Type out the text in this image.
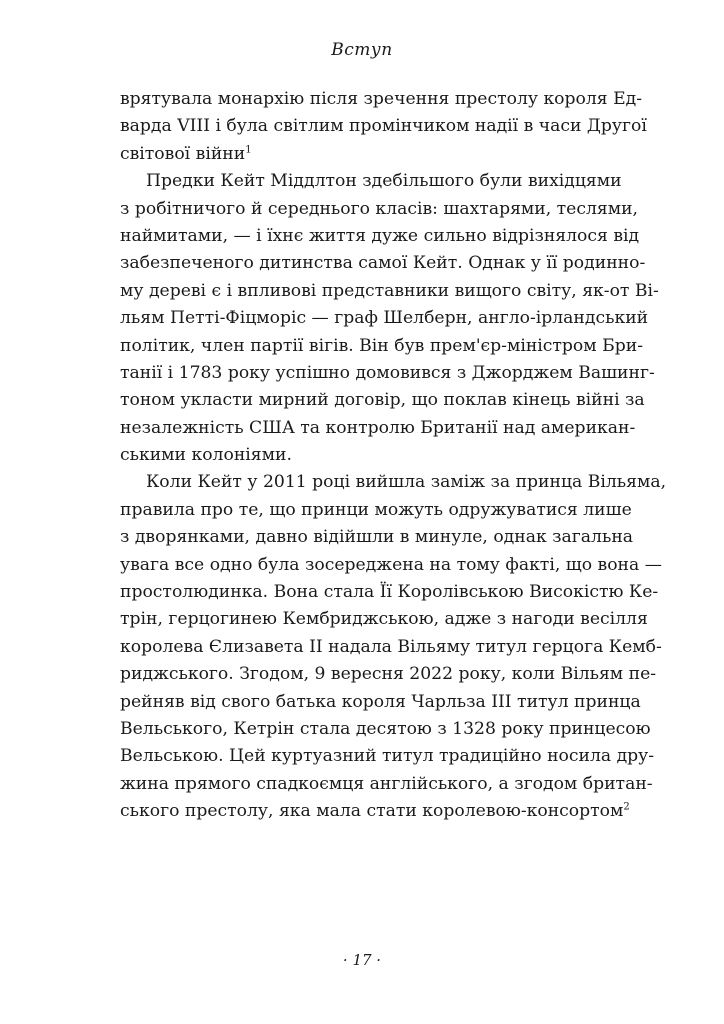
Вступ
врятувала монархію після зречення престолу короля Ед-
варда VIII і була світлим промінчиком надії в часи Другої
світової війни$^1$
Предки Кейт Міддлтон здебільшого були вихідцями
з робітничого й середнього класів: шахтарями, теслями,
наймитами, — і їхнє життя дуже сильно відрізнялося від
забезпеченого дитинства самої Кейт. Однак у її родинно-
му дереві є і впливові представники вищого світу, як-от Ві-
льям Петті-Фіцморіс — граф Шелберн, англо-ірландський
політик, член партії вігів. Він був прем'єр-міністром Бри-
танії і 1783 року успішно домовився з Джорджем Вашинг-
тоном укласти мирний договір, що поклав кінець війні за
незалежність США та контролю Британії над американ-
ськими колоніями.
Коли Кейт у 2011 році вийшла заміж за принца Вільяма,
правила про те, що принци можуть одружуватися лише
з дворянками, давно відійшли в минуле, однак загальна
увага все одно була зосереджена на тому факті, що вона —
простолюдинка. Вона стала Її Королівською Високістю Ке-
трін, герцогинею Кембриджською, адже з нагоди весілля
королева Єлизавета II надала Вільяму титул герцога Кемб-
риджського. Згодом, 9 вересня 2022 року, коли Вільям пе-
рейняв від свого батька короля Чарльза III титул принца
Вельського, Кетрін стала десятою з 1328 року принцесою
Вельською. Цей куртуазний титул традиційно носила дру-
жина прямого спадкоємця англійського, а згодом британ-
ського престолу, яка мала стати королевою-консортом$^2$
· 17 ·
